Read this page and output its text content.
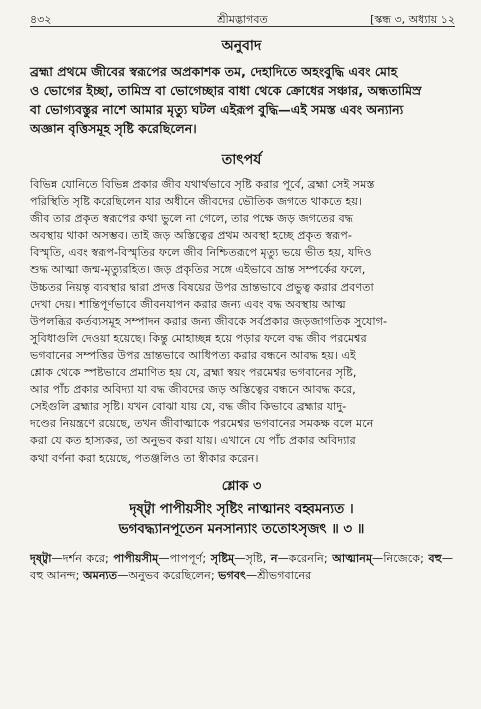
৪৩২	শ্রীমদ্ভাগবত	[স্কন্ধ ৩, অধ্যায় ১২
অনুবাদ
ব্রহ্মা প্রথমে জীবের স্বরূপের অপ্রকাশক তম, দেহাদিতে অহংবুদ্ধি এবং মোহ
ও ভোগের ইচ্ছা, তামিস্র বা ভোগেচ্ছার বাধা থেকে ক্রোধের সঞ্চার, অন্ধতামিস্র
বা ভোগ্যবস্তুর নাশে আমার মৃত্যু ঘটল এইরূপ বুদ্ধি—এই সমস্ত এবং অন্যান্য
অজ্ঞান বৃত্তিসমূহ সৃষ্টি করেছিলেন।
তাৎপর্য
বিভিন্ন যোনিতে বিভিন্ন প্রকার জীব যথার্থভাবে সৃষ্টি করার পূর্বে, ব্রহ্মা সেই সমস্ত
পরিস্থিতি সৃষ্টি করেছিলেন যার অধীনে জীবদের ভৌতিক জগতে থাকতে হয়।
জীব তার প্রকৃত স্বরূপের কথা ভুলে না গেলে, তার পক্ষে জড় জগতের বদ্ধ
অবস্থায় থাকা অসম্ভব। তাই জড় অস্তিত্বের প্রথম অবস্থা হচ্ছে প্রকৃত স্বরূপ-
বিস্মৃতি, এবং স্বরূপ-বিস্মৃতির ফলে জীব নিশ্চিতরূপে মৃত্যু ভয়ে ভীত হয়, যদিও
শুদ্ধ আত্মা জন্ম-মৃত্যুরহিত। জড় প্রকৃতির সঙ্গে এইভাবে ভ্রান্ত সম্পর্কের ফলে,
উচ্চতর নিয়ন্তৃ ব্যবস্থার দ্বারা প্রদত্ত বিষয়ের উপর ভ্রান্তভাবে প্রভুত্ব করার প্রবণতা
দেখা দেয়। শান্তিপূর্ণভাবে জীবনযাপন করার জন্য এবং বদ্ধ অবস্থায় আত্ম
উপলব্ধির কর্তব্যসমূহ সম্পাদন করার জন্য জীবকে সর্বপ্রকার জড়জাগতিক সুযোগ-
সুবিধাগুলি দেওয়া হয়েছে। কিন্তু মোহাচ্ছন্ন হয়ে পড়ার ফলে বদ্ধ জীব পরমেশ্বর
ভগবানের সম্পত্তির উপর ভ্রান্তভাবে আধিপত্য করার বন্ধনে আবদ্ধ হয়। এই
শ্লোক থেকে স্পষ্টভাবে প্রমাণিত হয় যে, ব্রহ্মা স্বয়ং পরমেশ্বর ভগবানের সৃষ্টি,
আর পাঁচ প্রকার অবিদ্যা যা বদ্ধ জীবদের জড় অস্তিত্বের বন্ধনে আবদ্ধ করে,
সেইগুলি ব্রহ্মার সৃষ্টি। যখন বোঝা যায় যে, বদ্ধ জীব কিভাবে ব্রহ্মার যাদু-
দণ্ডের নিয়ন্ত্রণে রয়েছে, তখন জীবাত্মাকে পরমেশ্বর ভগবানের সমকক্ষ বলে মনে
করা যে কত হাস্যকর, তা অনুভব করা যায়। এখানে যে পাঁচ প্রকার অবিদ্যার
কথা বর্ণনা করা হয়েছে, পতঞ্জলিও তা স্বীকার করেন।
শ্লোক ৩
দৃষ্ট্বা পাপীয়সীং সৃষ্টিং নাত্মানং বহ্বমন্যত ।
ভগবদ্ধ্যানপূতেন মনসান্যাং ততোঽসৃজৎ ॥ ৩ ॥
দৃষ্ট্বা—দর্শন করে; পাপীয়সীম্—পাপপূর্ণ; সৃষ্টিম্—সৃষ্টি, ন—করেননি; আত্মানম্—নিজেকে; বহু—বহু আনন্দ; অমন্যত—অনুভব করেছিলেন; ভগবৎ—শ্রীভগবানের
